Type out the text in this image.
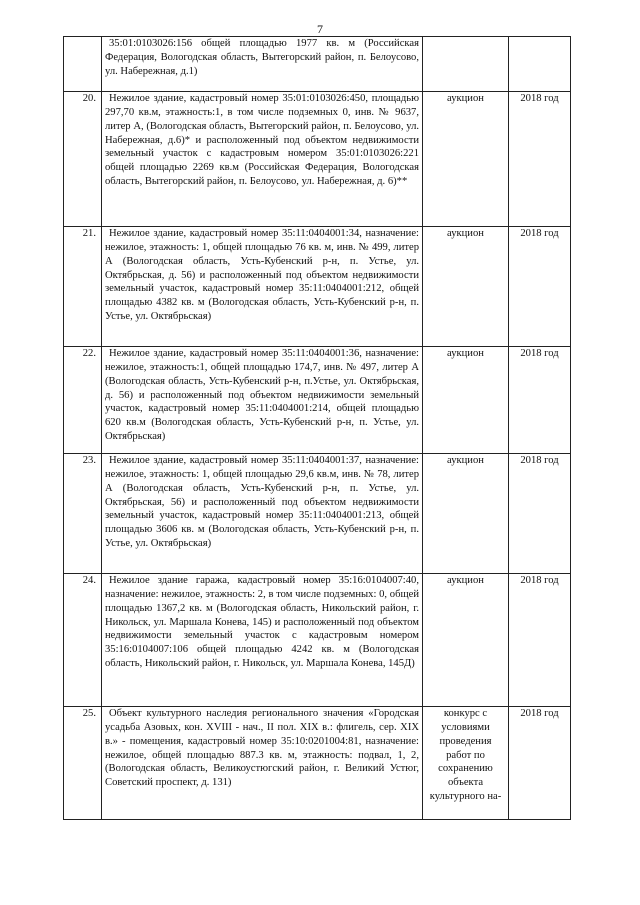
7
	35:01:0103026:156 общей площадью 1977 кв. м (Российская Федерация, Вологодская область, Вытегорский район, п. Белоусово, ул. Набережная, д.1)		
20.	Нежилое здание, кадастровый номер 35:01:0103026:450, площадью 297,70 кв.м, этажность:1, в том числе подземных 0, инв. № 9637, литер А, (Вологодская область, Вытегорский район, п. Белоусово, ул. Набережная, д.6)* и расположенный под объектом недвижимости земельный участок с кадастровым номером 35:01:0103026:221 общей площадью 2269 кв.м (Российская Федерация, Вологодская область, Вытегорский район, п. Белоусово, ул. Набережная, д. 6)**	аукцион	2018 год
21.	Нежилое здание, кадастровый номер 35:11:0404001:34, назначение: нежилое, этажность: 1, общей площадью 76 кв. м, инв. № 499, литер А (Вологодская область, Усть-Кубенский р-н, п. Устье, ул. Октябрьская, д. 56) и расположенный под объектом недвижимости земельный участок, кадастровый номер 35:11:0404001:212, общей площадью 4382 кв. м (Вологодская область, Усть-Кубенский р-н, п. Устье, ул. Октябрьская)	аукцион	2018 год
22.	Нежилое здание, кадастровый номер 35:11:0404001:36, назначение: нежилое, этажность:1, общей площадью 174,7, инв. № 497, литер А (Вологодская область, Усть-Кубенский р-н, п.Устье, ул. Октябрьская, д. 56) и расположенный под объектом недвижимости земельный участок, кадастровый номер 35:11:0404001:214, общей площадью 620 кв.м (Вологодская область, Усть-Кубенский р-н, п. Устье, ул. Октябрьская)	аукцион	2018 год
23.	Нежилое здание, кадастровый номер 35:11:0404001:37, назначение: нежилое, этажность: 1, общей площадью 29,6 кв.м, инв. № 78, литер А (Вологодская область, Усть-Кубенский р-н, п. Устье, ул. Октябрьская, 56) и расположенный под объектом недвижимости земельный участок, кадастровый номер 35:11:0404001:213, общей площадью 3606 кв. м (Вологодская область, Усть-Кубенский р-н, п. Устье, ул. Октябрьская)	аукцион	2018 год
24.	Нежилое здание гаража, кадастровый номер 35:16:0104007:40, назначение: нежилое, этажность: 2, в том числе подземных: 0, общей площадью 1367,2 кв. м (Вологодская область, Никольский район, г. Никольск, ул. Маршала Конева, 145) и расположенный под объектом недвижимости земельный участок с кадастровым номером 35:16:0104007:106 общей площадью 4242 кв. м (Вологодская область, Никольский район, г. Никольск, ул. Маршала Конева, 145Д)	аукцион	2018 год
25.	Объект культурного наследия регионального значения «Городская усадьба Азовых, кон. XVIII - нач., II пол. XIX в.: флигель, сер. XIX в.» - помещения, кадастровый номер 35:10:0201004:81, назначение: нежилое, общей площадью 887.3 кв. м, этажность: подвал, 1, 2, (Вологодская область, Великоустюгский район, г. Великий Устюг, Советский проспект, д. 131)	конкурс с условиями проведения работ по сохранению объекта культурного на-	2018 год
